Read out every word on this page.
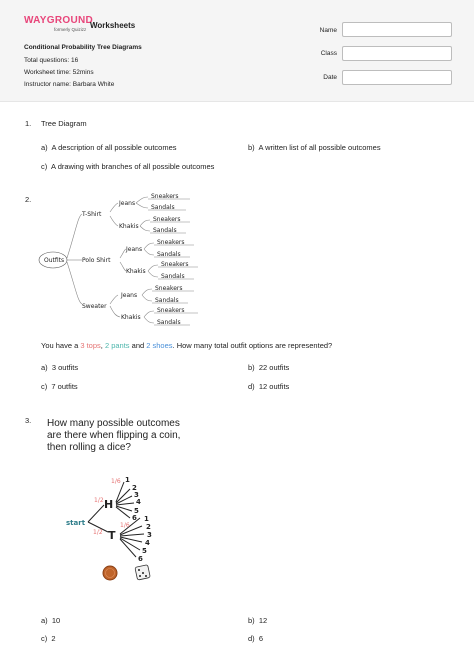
WAYGROUND
formerly Quizizz Worksheets
Conditional Probability Tree Diagrams
Total questions: 16
Worksheet time: 52mins
Instructor name: Barbara White
Name
Class
Date
1. Tree Diagram
a) A description of all possible outcomes	b) A written list of all possible outcomes
c) A drawing with branches of all possible outcomes
2.
Outfits
T-Shirt
Polo Shirt
Sweater
Jeans
Khakis
Jeans
Khakis
Jeans
Khakis
Sneakers
Sandals
Sneakers
Sandals
Sneakers
Sandals
Sneakers
Sandals
Sneakers
Sandals
Sneakers
Sandals
You have a 3 tops, 2 pants and 2 shoes. How many total outfit options are represented?
a) 3 outfits	b) 22 outfits
c) 7 outfits	d) 12 outfits
3. How many possible outcomes are there when flipping a coin, then rolling a dice?
start
H
T
1/2
1/2
1/6
1/6
1
2
3
4
5
6 1
2
3
4
5
6
a) 10	b) 12
c) 2	d) 6
